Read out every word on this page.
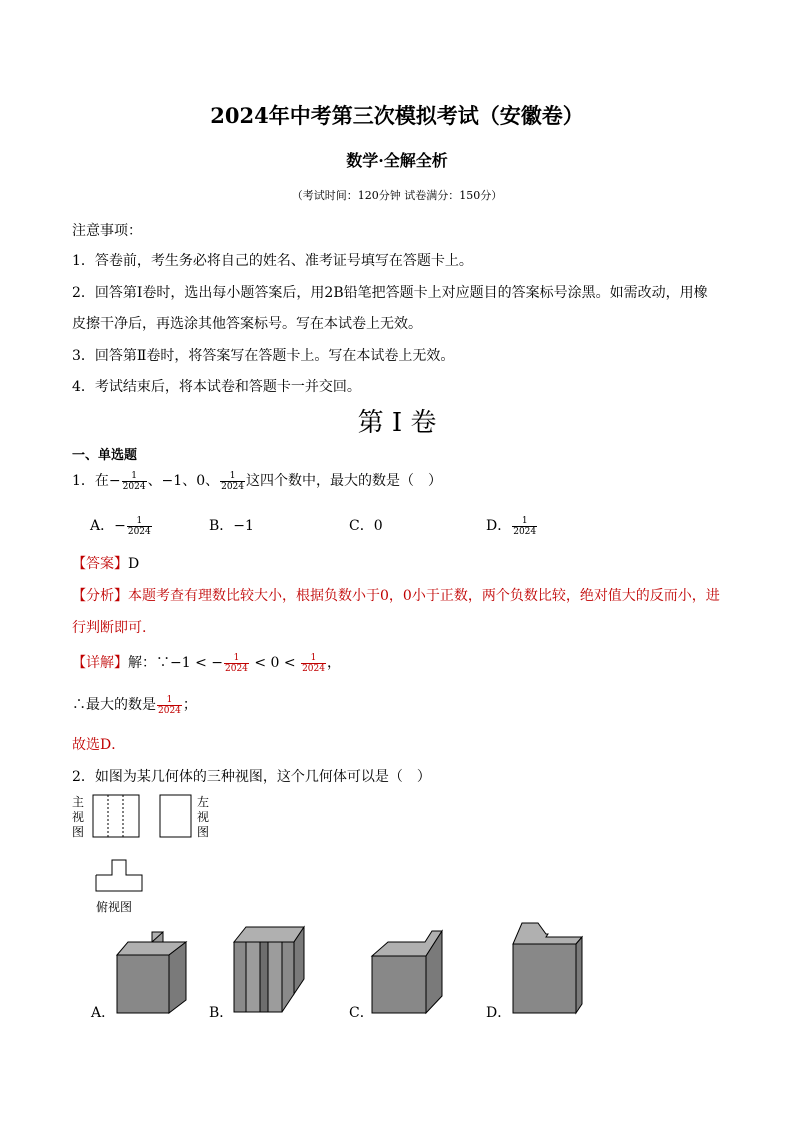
2024年中考第三次模拟考试（安徽卷）
数学·全解全析
（考试时间：120分钟 试卷满分：150分）
注意事项：
1．答卷前，考生务必将自己的姓名、准考证号填写在答题卡上。
2．回答第Ⅰ卷时，选出每小题答案后，用2B铅笔把答题卡上对应题目的答案标号涂黑。如需改动，用橡
皮擦干净后，再选涂其他答案标号。写在本试卷上无效。
3．回答第Ⅱ卷时，将答案写在答题卡上。写在本试卷上无效。
4．考试结束后，将本试卷和答题卡一并交回。
第 I 卷
一、单选题
1．在− $\frac{1}{2024}$ 、−1、0、 $\frac{1}{2024}$ 这四个数中，最大的数是（　）
A．− $\frac{1}{2024}$	B．−1	C．0	D． $\frac{1}{2024}$
【答案】D
【分析】本题考查有理数比较大小，根据负数小于0，0小于正数，两个负数比较，绝对值大的反而小，进
行判断即可.
【详解】解：∵−1 < − $\frac{1}{2024} < 0 < \frac{1}{2024}$ ，
∴最大的数是 $\frac{1}{2024}$ ；
故选D．
2．如图为某几何体的三种视图，这个几何体可以是（　）
主视图
左视图
俯视图
A．	B．	C．	D．
